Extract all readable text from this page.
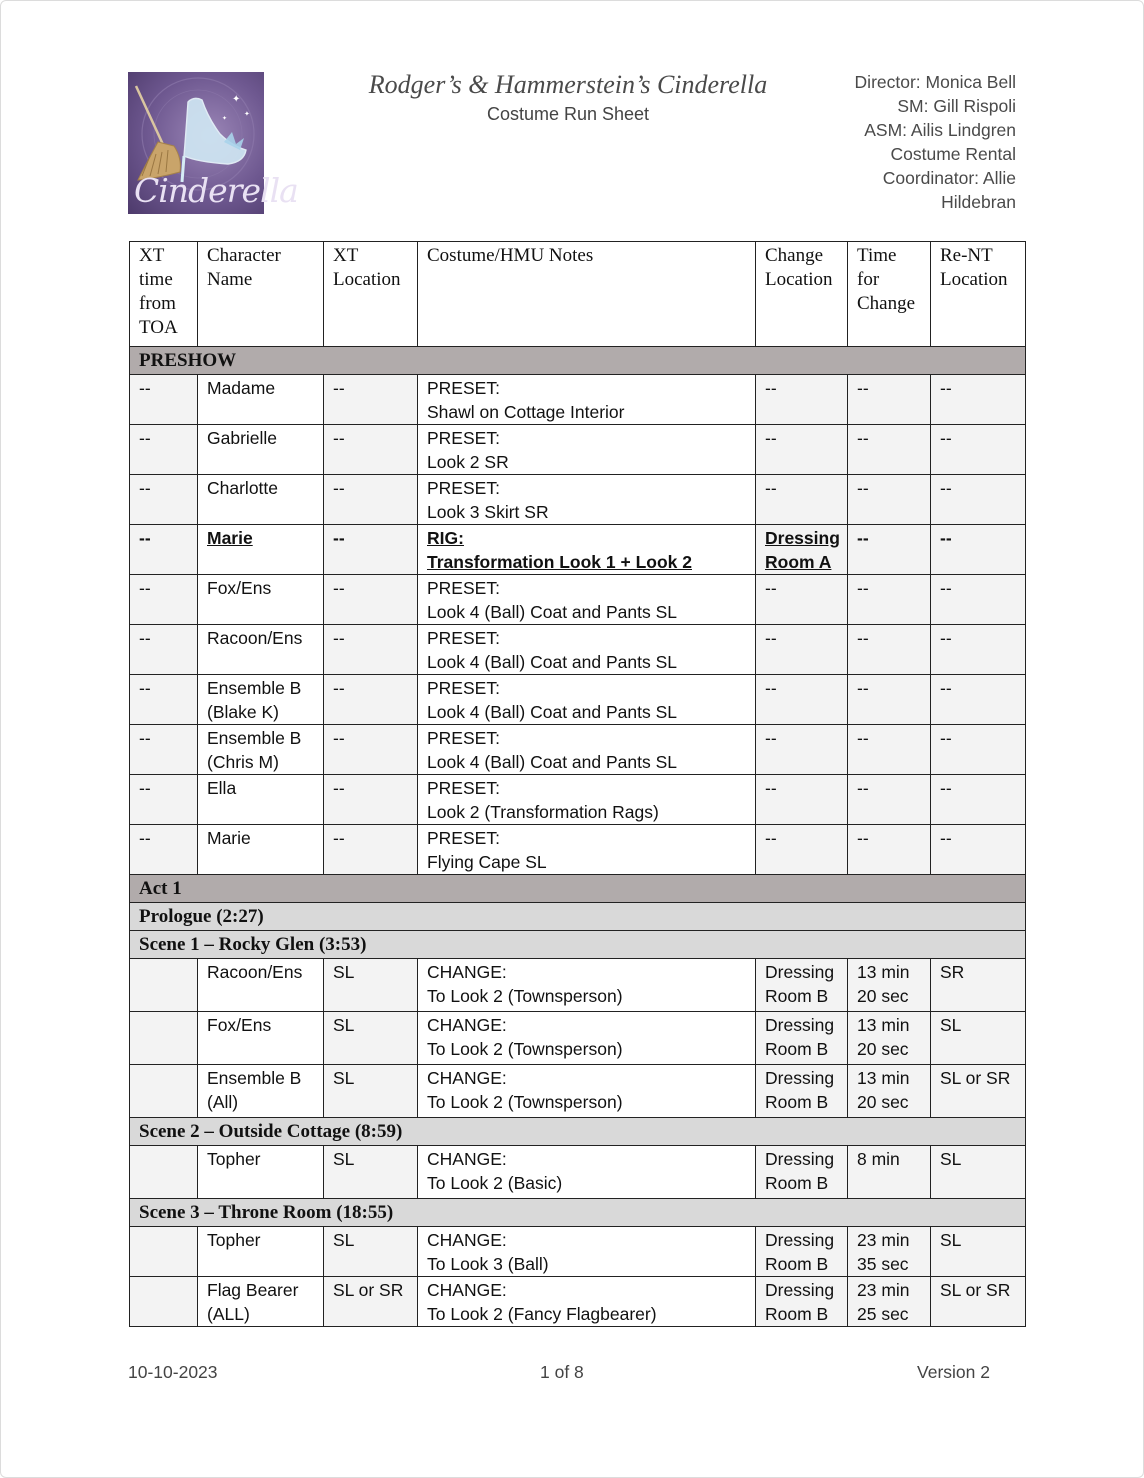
✦
✦
✦
Cinderella
Rodger’s & Hammerstein’s Cinderella
Costume Run Sheet
Director: Monica Bell
SM: Gill Rispoli
ASM: Ailis Lindgren
Costume Rental
Coordinator: Allie
Hildebran
XT
time
from
TOA	Character
Name	XT
Location	Costume/HMU Notes	Change
Location	Time
for
Change	Re-NT
Location

PRESHOW						

--	Madame	--	PRESET:
Shawl on Cottage Interior	--	--	--

--	Gabrielle	--	PRESET:
Look 2 SR	--	--	--

--	Charlotte	--	PRESET:
Look 3 Skirt SR	--	--	--

--	Marie	--	RIG:
Transformation Look 1 + Look 2	Dressing
Room A	--	--

--	Fox/Ens	--	PRESET:
Look 4 (Ball) Coat and Pants SL	--	--	--

--	Racoon/Ens	--	PRESET:
Look 4 (Ball) Coat and Pants SL	--	--	--

--	Ensemble B
(Blake K)	--	PRESET:
Look 4 (Ball) Coat and Pants SL	--	--	--

--	Ensemble B
(Chris M)	--	PRESET:
Look 4 (Ball) Coat and Pants SL	--	--	--

--	Ella	--	PRESET:
Look 2 (Transformation Rags)	--	--	--

--	Marie	--	PRESET:
Flying Cape SL	--	--	--

Act 1						
Prologue (2:27)						
Scene 1 – Rocky Glen (3:53)						

	Racoon/Ens	SL	CHANGE:
To Look 2 (Townsperson)	Dressing
Room B	13 min
20 sec	SR

	Fox/Ens	SL	CHANGE:
To Look 2 (Townsperson)	Dressing
Room B	13 min
20 sec	SL

	Ensemble B
(All)	SL	CHANGE:
To Look 2 (Townsperson)	Dressing
Room B	13 min
20 sec	SL or SR

Scene 2 – Outside Cottage (8:59)						

	Topher	SL	CHANGE:
To Look 2 (Basic)	Dressing
Room B	8 min	SL

Scene 3 – Throne Room (18:55)						

	Topher	SL	CHANGE:
To Look 3 (Ball)	Dressing
Room B	23 min
35 sec	SL

	Flag Bearer
(ALL)	SL or SR	CHANGE:
To Look 2 (Fancy Flagbearer)	Dressing
Room B	23 min
25 sec	SL or SR
10-10-2023	1 of 8	Version 2
